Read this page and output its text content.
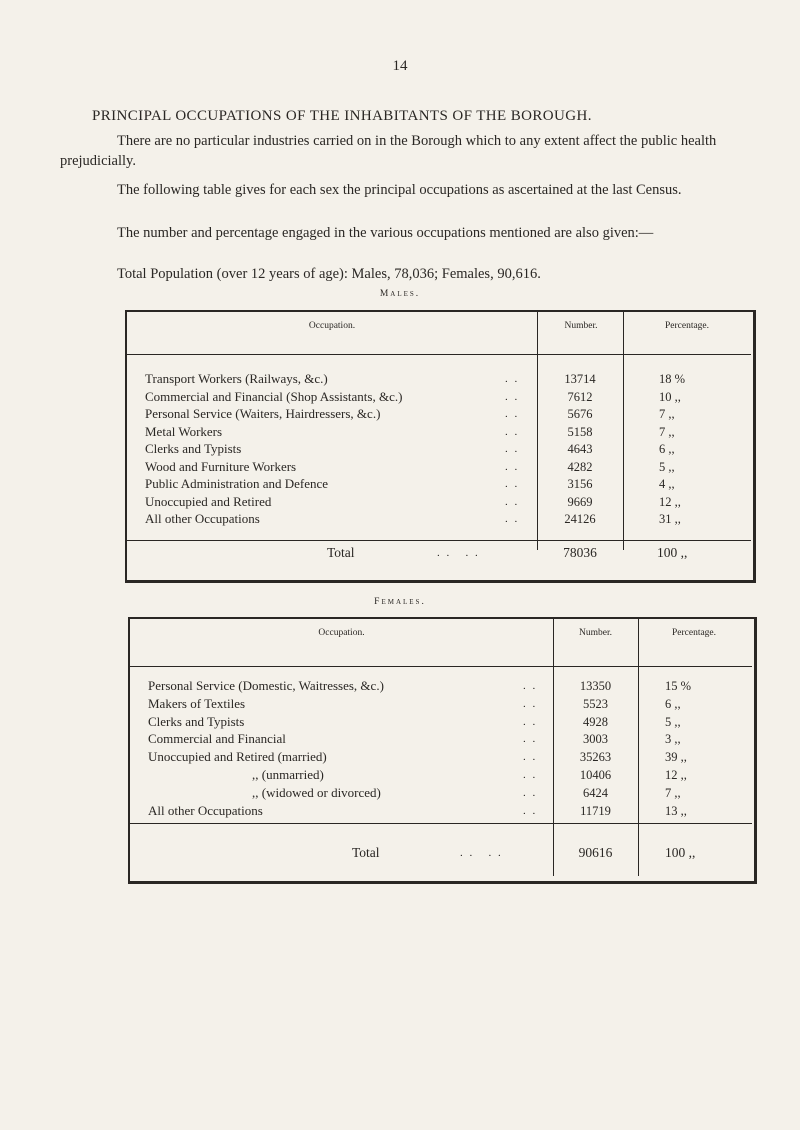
14
PRINCIPAL OCCUPATIONS OF THE INHABITANTS OF THE BOROUGH.
There are no particular industries carried on in the Borough which to any extent affect the public health prejudicially.
The following table gives for each sex the principal occupations as ascertained at the last Census.
The number and percentage engaged in the various occupations mentioned are also given:—
Total Population (over 12 years of age): Males, 78,036; Females, 90,616.
Males.
Occupation.	Number.	Percentage.
Transport Workers (Railways, &c.)	. .	13714	18 %
Commercial and Financial (Shop Assistants, &c.)	. .	7612	10 ,,
Personal Service (Waiters, Hairdressers, &c.)	. .	5676	7 ,,
Metal Workers	. .	5158	7 ,,
Clerks and Typists	. .	4643	6 ,,
Wood and Furniture Workers	. .	4282	5 ,,
Public Administration and Defence	. .	3156	4 ,,
Unoccupied and Retired	. .	9669	12 ,,
All other Occupations	. .	24126	31 ,,
Total	. .   . .	78036	100 ,,
Females.
Occupation.	Number.	Percentage.
Personal Service (Domestic, Waitresses, &c.)	. .	13350	15 %
Makers of Textiles	. .	5523	6 ,,
Clerks and Typists	. .	4928	5 ,,
Commercial and Financial	. .	3003	3 ,,
Unoccupied and Retired (married)	. .	35263	39 ,,
,, (unmarried)	. .	10406	12 ,,
,, (widowed or divorced)	. .	6424	7 ,,
All other Occupations	. .	11719	13 ,,
Total	. .   . .	90616	100 ,,
